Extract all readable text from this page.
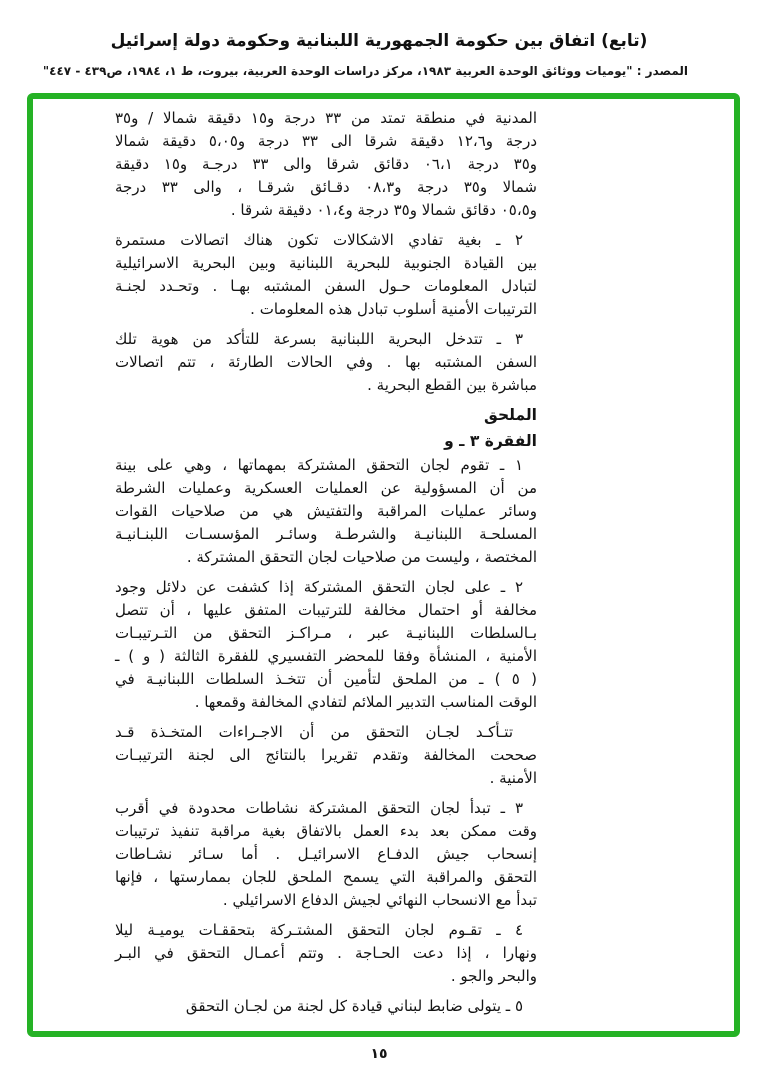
(تابع) اتفاق بين حكومة الجمهورية اللبنانية وحكومة دولة إسرائيل
المصدر : "يوميات ووثائق الوحدة العربية ١٩٨٣، مركز دراسات الوحدة العربية، بيروت، ط ١، ١٩٨٤، ص٤٣٩ - ٤٤٧"
المدنية في منطقة تمتد من ٣٣ درجة و١٥ دقيقة شمالا / و٣٥
درجة و١٢،٦ دقيقة شرقا الى ٣٣ درجة و٥،٠٥ دقيقة شمالا
و٣٥ درجة ٠٦،١ دقائق شرقا والى ٣٣ درجـة و١٥ دقيقة
شمالا و٣٥ درجة و٠٨،٣ دقـائق شرقـا ، والى ٣٣ درجة
و٠٥،٥ دقائق شمالا و٣٥ درجة و٠١،٤ دقيقة شرقا .
٢ ـ بغية تفادي الاشكالات تكون هناك اتصالات مستمرة
بين القيادة الجنوبية للبحرية اللبنانية وبين البحرية الاسرائيلية
لتبادل المعلومات حـول السفن المشتبه بهـا . وتحـدد لجنـة
الترتيبات الأمنية أسلوب تبادل هذه المعلومات .
٣ ـ تتدخل البحرية اللبنانية بسرعة للتأكد من هوية تلك
السفن المشتبه بها . وفي الحالات الطارئة ، تتم اتصالات
مباشرة بين القطع البحرية .
الملحق
الفقرة ٣ ـ و
١ ـ تقوم لجان التحقق المشتركة بمهماتها ، وهي على بينة
من أن المسؤولية عن العمليات العسكرية وعمليات الشرطة
وسائر عمليات المراقبة والتفتيش هي من صلاحيات القوات
المسلحـة اللبنانيـة والشرطـة وسائـر المؤسسـات اللبنـانيـة
المختصة ، وليست من صلاحيات لجان التحقق المشتركة .
٢ ـ على لجان التحقق المشتركة إذا كشفت عن دلائل وجود
مخالفة أو احتمال مخالفة للترتيبات المتفق عليها ، أن تتصل
بـالسلطات اللبنانيـة عبر ، مـراكـز التحقق من التـرتيبـات
الأمنية ، المنشأة وفقا للمحضر التفسيري للفقرة الثالثة ( و ) ـ
( ٥ ) ـ من الملحق لتأمين أن تتخـذ السلطات اللبنانيـة في
الوقت المناسب التدبير الملائم لتفادي المخالفة وقمعها .
تتـأكـد لجـان التحقق من أن الاجـراءات المتخـذة قـد
صححت المخالفة وتقدم تقريرا بالنتائج الى لجنة الترتيبـات
الأمنية .
٣ ـ تبدأ لجان التحقق المشتركة نشاطات محدودة في أقرب
وقت ممكن بعد بدء العمل بالاتفاق بغية مراقبة تنفيذ ترتيبات
إنسحاب جيش الدفـاع الاسرائيـل . أما سـائر نشـاطات
التحقق والمراقبة التي يسمح الملحق للجان بممارستها ، فإنها
تبدأ مع الانسحاب النهائي لجيش الدفاع الاسرائيلي .
٤ ـ تقـوم لجان التحقق المشتـركة بتحققـات يوميـة ليلا
ونهارا ، إذا دعت الحـاجة . وتتم أعمـال التحقق في البـر
والبحر والجو .
٥ ـ يتولى ضابط لبناني قيادة كل لجنة من لجـان التحقق
١٥
